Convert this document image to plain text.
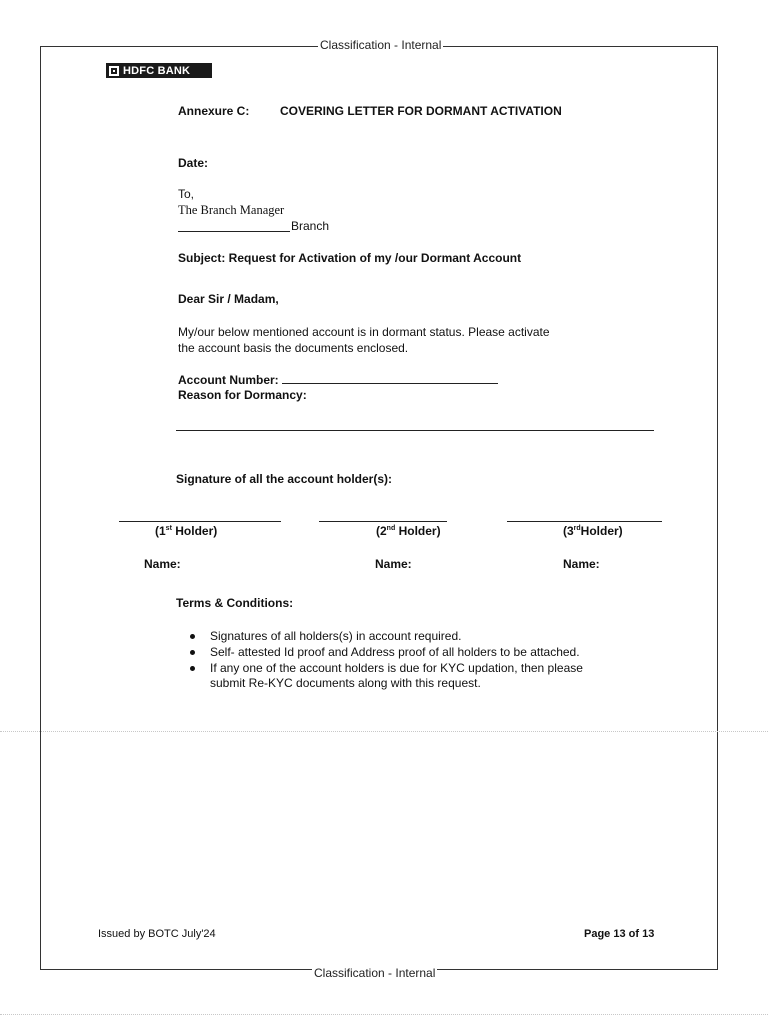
Classification - Internal
HDFC BANK
Annexure C:	COVERING LETTER FOR DORMANT ACTIVATION
Date:
To,
The Branch Manager
Branch
Subject: Request for Activation of my /our Dormant Account
Dear Sir / Madam,
My/our below mentioned account is in dormant status. Please activate
the account basis the documents enclosed.
Account Number:
Reason for Dormancy:
Signature of all the account holder(s):
(1st Holder)	(2nd Holder)	(3rdHolder)
Name:	Name:	Name:
Terms & Conditions:
Signatures of all holders(s) in account required.
Self- attested Id proof and Address proof of all holders to be attached.
If any one of the account holders is due for KYC updation, then please
submit Re-KYC documents along with this request.
Issued by BOTC July'24	Page 13 of 13
Classification - Internal
